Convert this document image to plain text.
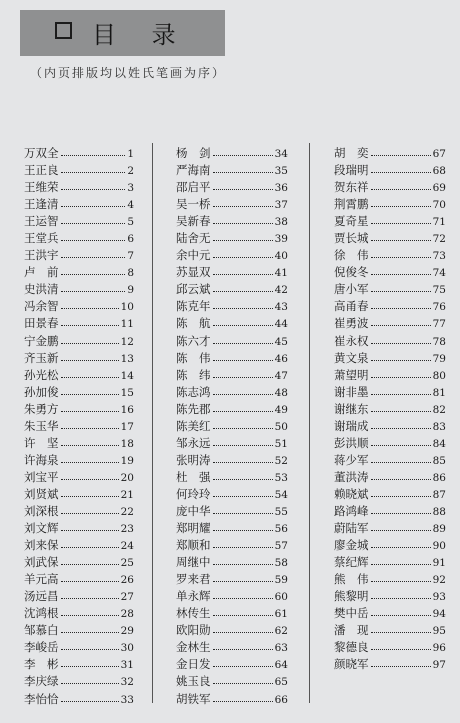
目 录
（内页排版均以姓氏笔画为序）
万双全	1
王正良	2
王维荣	3
王逢清	4
王运智	5
王堂兵	6
王洪宇	7
卢　前	8
史洪清	9
冯余智	10
田景春	11
宁金鹏	12
齐玉新	13
孙光松	14
孙加俊	15
朱勇方	16
朱玉华	17
许　坚	18
许海泉	19
刘宝平	20
刘贤斌	21
刘深根	22
刘文辉	23
刘来保	24
刘武保	25
羊元高	26
汤远昌	27
沈鸿根	28
邹慕白	29
李峻岳	30
李　彬	31
李庆绿	32
李怡恰	33
杨　剑	34
严海南	35
邵启平	36
吴一桥	37
吴新春	38
陆舍无	39
余中元	40
苏显双	41
邱云斌	42
陈克年	43
陈　航	44
陈六才	45
陈　伟	46
陈　纬	47
陈志鸿	48
陈先郡	49
陈美红	50
邹永远	51
张明涛	52
杜　强	53
何玲玲	54
庞中华	55
郑明耀	56
郑顺和	57
周继中	58
罗来君	59
单永辉	60
林传生	61
欧阳勋	62
金林生	63
金日发	64
姚玉良	65
胡铁军	66
胡　奕	67
段瑞明	68
贺东祥	69
荆霄鹏	70
夏奇星	71
贾长城	72
徐　伟	73
倪俊冬	74
唐小军	75
高甬春	76
崔勇波	77
崔永权	78
黄文泉	79
萧望明	80
谢非墨	81
谢继东	82
谢瑞成	83
彭洪顺	84
蒋少军	85
董洪涛	86
赖晓斌	87
路鸿峰	88
蔚陆军	89
廖金城	90
蔡纪辉	91
熊　伟	92
熊黎明	93
樊中岳	94
潘　现	95
黎德良	96
颜晓军	97
